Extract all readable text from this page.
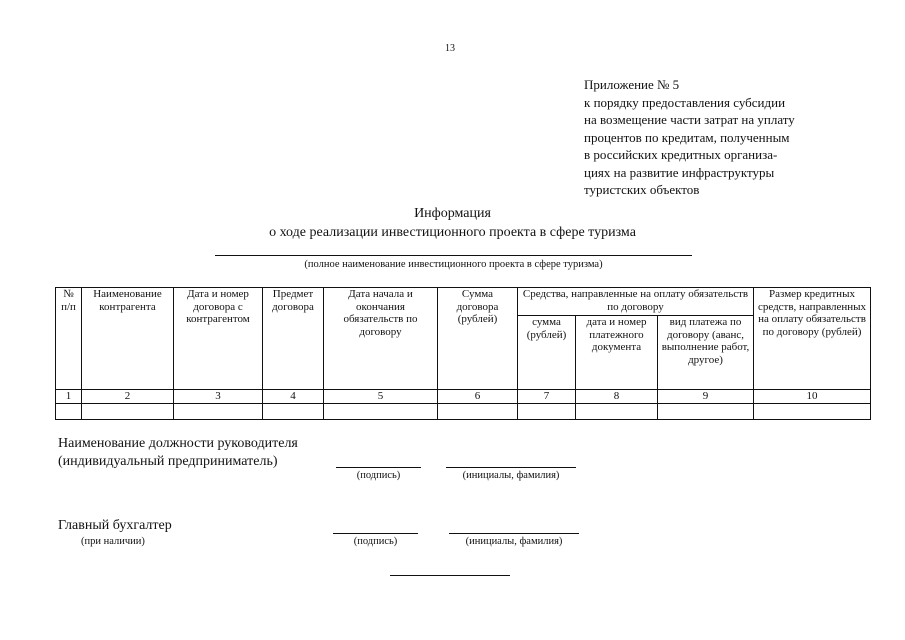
13
Приложение № 5
к порядку предоставления субсидии
на возмещение части затрат на уплату
процентов по кредитам, полученным
в российских кредитных организа-
циях на развитие инфраструктуры
туристских объектов
Информация
о ходе реализации инвестиционного проекта в сфере туризма
(полное наименование инвестиционного проекта в сфере туризма)
№ п/п	Наименование контрагента	Дата и номер договора с контрагентом	Предмет договора	Дата начала и окончания обязательств по договору	Сумма договора (рублей)	Средства, направленные на оплату обязательств по договору			Размер кредитных средств, направленных на оплату обязательств по договору (рублей)
						сумма (рублей)	дата и номер платежного документа	вид платежа по договору (аванс, выполнение работ, другое)	
1	2	3	4	5	6	7	8	9	10

Наименование должности руководителя
(индивидуальный предприниматель)
(подпись)	(инициалы, фамилия)
Главный бухгалтер
(при наличии)	(подпись)	(инициалы, фамилия)
